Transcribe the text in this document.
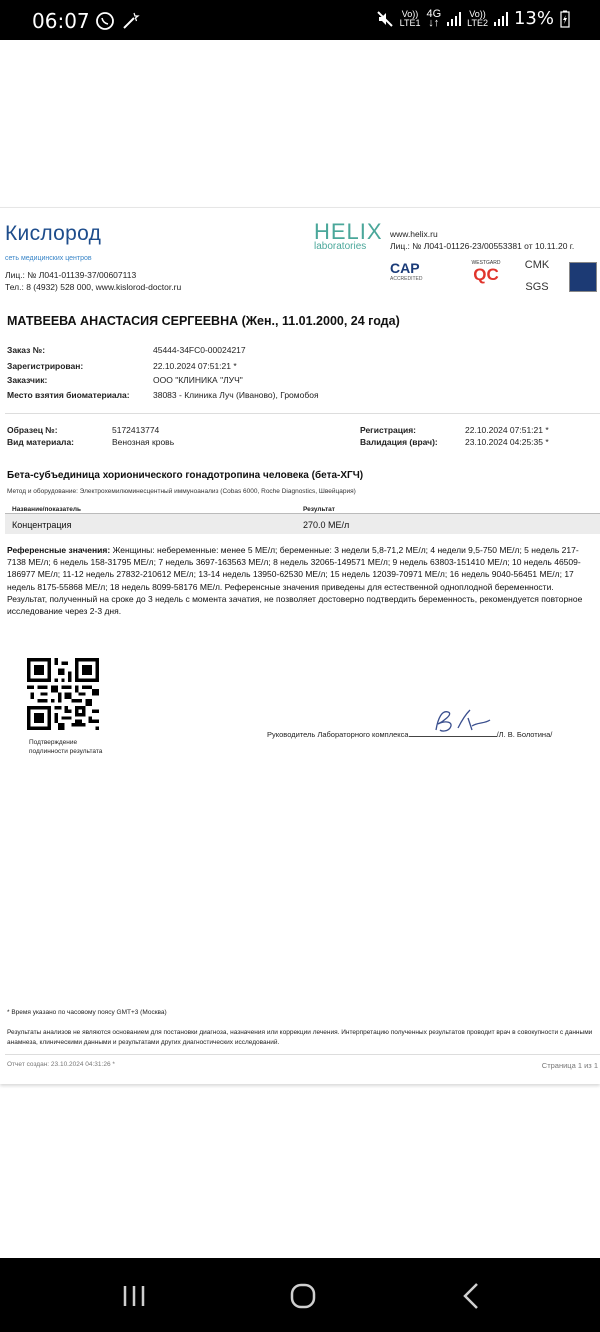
06:07
	Vo))
LTE1
4G
↓↑
Vo))
LTE2 13%
Кислород
сеть медицинских центров
Лиц.: № Л041-01139-37/00607113
Тел.: 8 (4932) 528 000, www.kislorod-doctor.ru
HELIX
laboratories
www.helix.ru
Лиц.: № Л041-01126-23/00553381 от 10.11.20 г.
CAP
ACCREDITED
WESTGARD
QC	CMK

SGS
МАТВЕЕВА АНАСТАСИЯ СЕРГЕЕВНА (Жен., 11.01.2000, 24 года)
Заказ №:	45444-34FC0-00024217
Зарегистрирован:	22.10.2024 07:51:21 *
Заказчик:	ООО "КЛИНИКА "ЛУЧ"
Место взятия биоматериала:	38083 - Клиника Луч (Иваново), Громобоя
Образец №:	5172413774
Вид материала:	Венозная кровь
Регистрация:	22.10.2024 07:51:21 *
Валидация (врач):	23.10.2024 04:25:35 *
Бета-субъединица хорионического гонадотропина человека (бета-ХГЧ)
Метод и оборудование: Электрохемилюминесцентный иммуноанализ (Cobas 6000, Roche Diagnostics, Швейцария)
Название/показатель	Результат
Концентрация	270.0 МЕ/л
Референсные значения: Женщины: небеременные: менее 5 МЕ/л; беременные: 3 недели 5,8-71,2 МЕ/л; 4 недели 9,5-750 МЕ/л; 5 недель 217-7138 МЕ/л; 6 недель 158-31795 МЕ/л; 7 недель 3697-163563 МЕ/л; 8 недель 32065-149571 МЕ/л; 9 недель 63803-151410 МЕ/л; 10 недель 46509-186977 МЕ/л; 11-12 недель 27832-210612 МЕ/л; 13-14 недель 13950-62530 МЕ/л; 15 недель 12039-70971 МЕ/л; 16 недель 9040-56451 МЕ/л; 17 недель 8175-55868 МЕ/л; 18 недель 8099-58176 МЕ/л. Референсные значения приведены для естественной одноплодной беременности. Результат, полученный на сроке до 3 недель с момента зачатия, не позволяет достоверно подтвердить беременность, рекомендуется повторное исследование через 2-3 дня.
Подтверждение
подлинности результата
Руководитель Лабораторного комплекса	/Л. В. Болотина/
* Время указано по часовому поясу GMT+3 (Москва)
Результаты анализов не являются основанием для постановки диагноза, назначения или коррекции лечения. Интерпретацию полученных результатов проводит врач в совокупности с данными анамнеза, клиническими данными и результатами других диагностических исследований.
Отчет создан: 23.10.2024 04:31:26 *	Страница 1 из 1
